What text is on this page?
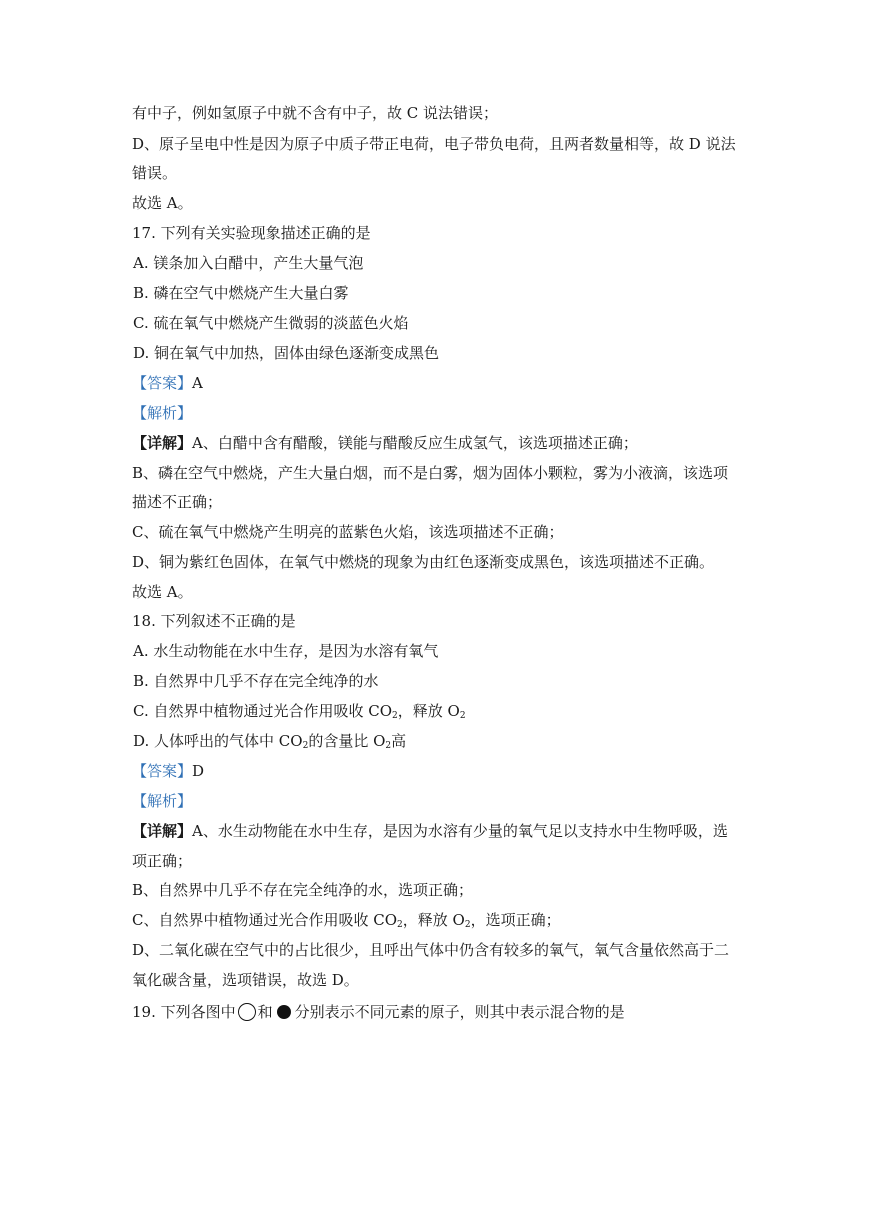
有中子，例如氢原子中就不含有中子，故 C 说法错误；
D、原子呈电中性是因为原子中质子带正电荷，电子带负电荷，且两者数量相等，故 D 说法
错误。
故选 A。
17. 下列有关实验现象描述正确的是
A. 镁条加入白醋中，产生大量气泡
B. 磷在空气中燃烧产生大量白雾
C. 硫在氧气中燃烧产生微弱的淡蓝色火焰
D. 铜在氧气中加热，固体由绿色逐渐变成黑色
【答案】A
【解析】
【详解】A、白醋中含有醋酸，镁能与醋酸反应生成氢气，该选项描述正确；
B、磷在空气中燃烧，产生大量白烟，而不是白雾，烟为固体小颗粒，雾为小液滴，该选项
描述不正确；
C、硫在氧气中燃烧产生明亮的蓝紫色火焰，该选项描述不正确；
D、铜为紫红色固体，在氧气中燃烧的现象为由红色逐渐变成黑色，该选项描述不正确。
故选 A。
18. 下列叙述不正确的是
A. 水生动物能在水中生存，是因为水溶有氧气
B. 自然界中几乎不存在完全纯净的水
C. 自然界中植物通过光合作用吸收 $CO_2$，释放 $O_2$
D. 人体呼出的气体中 $CO_2$的含量比 $O_2$高
【答案】D
【解析】
【详解】A、水生动物能在水中生存，是因为水溶有少量的氧气足以支持水中生物呼吸，选
项正确；
B、自然界中几乎不存在完全纯净的水，选项正确；
C、自然界中植物通过光合作用吸收 $CO_2$，释放 $O_2$，选项正确；
D、二氧化碳在空气中的占比很少，且呼出气体中仍含有较多的氧气，氧气含量依然高于二
氧化碳含量，选项错误，故选 D。
19. 下列各图中 和 分别表示不同元素的原子，则其中表示混合物的是
